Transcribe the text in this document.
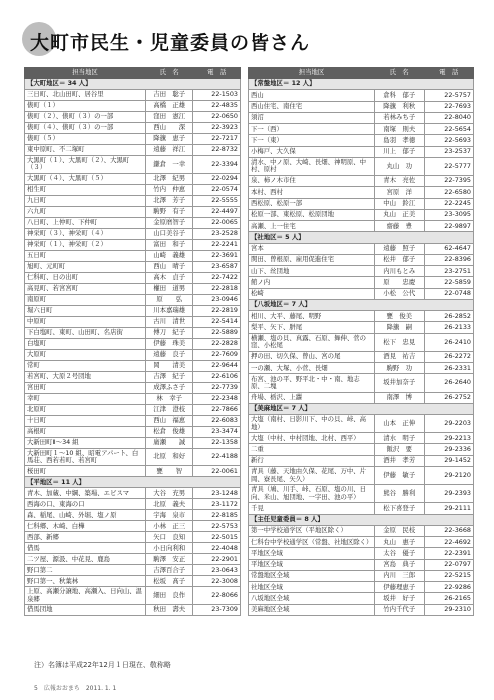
大町市民生・児童委員の皆さん
担当地区	氏　名	電　話
【大町地区＝ 34 人】		
三日町、北山田町、居谷里	吉田　聡子	22-1503
俵町（１）	高橋　正雄	22-4835
俵町（２）、俵町（３）の一部	窪田　憲江	22-0650
俵町（４）、俵町（３）の一部	西山　　深	22-3923
俵町（５）	降籏　恵子	22-7217
東中原町、不二塚町	遠藤　祥江	22-8732
大黒町（１）、大黒町（２）、大黒町（３）	鎌倉　一幸	22-3394
大黒町（４）、大黒町（５）	北澤　紀男	22-0294
相生町	竹内　仲恵	22-0574
九日町	北澤　芳子	22-5555
六九町	駒野　有子	22-4497
八日町、上仲町、下仲町	金原磨智子	22-0065
神栄町（３）、神栄町（４）	山口美谷子	23-2528
神栄町（１）、神栄町（２）	富田　和子	22-2241
五日町	山崎　義雄	22-3691
旭町、元町町	西山　晴子	23-6587
仁科町、日の出町	高木　貞子	22-7422
高見町、若宮宮町	權田　道男	22-2818
南原町	原　　弘	23-0946
堀六日町	川本嘉瑞雄	22-2819
中原町	古川　清世	22-5414
下白塩町、東町、山田町、名店街	傅刀　紀子	22-5889
白塩町	伊藤　珠美	22-2828
大原町	遠藤　良子	22-7609
常町	岡　　清美	22-9644
若宮町、大原２号団地	吉澤　紀子	22-6106
宮田町	成澤ふさ子	22-7739
幸町	林　幸子	22-2348
北原町	江津　澄枝	22-7866
十日町	西山　福恵	22-6083
高根町	松倉　俊雄	23-3474
大新田町Ⅱ～34 組	廣瀬　　誠	22-1358
大新田町１～10 組、昭電アパート、白馬荘、西若若町、若宮町	北原　和好	22-4188
桜田町	甕　　智	22-0061
【平地区＝ 11 人】		
青木、加蔵、中綱、築場、エビスマ	大谷　充男	23-1248
西海の口、東海の口	北原　義夫	23-1172
森、稲尾、山崎、外堀、塩ノ原	宇海　泉市	22-8185
仁科郷、木崎、白樺	小林　正三	22-5753
西部、新郷	矢口　良知	22-5015
借馬	小日向利和	22-4048
二ツ屋、源汲、中花見、鹿島	駒澤　安正	22-2901
野口第二	吉澤百合子	23-0643
野口第一、秋葉林	松坂　髙子	22-3008
上原、高瀬分譲地、高瀬入、日向山、温泉郷	細田　良作	22-8066
借馬団地	秋田　壽夫	23-7309
担当地区	氏　名	電　話
【常盤地区＝ 12 人】		
西山	倉科　郁子	22-5757
西山住宅、南住宅	降籏　利秋	22-7693
須沼	若林みち子	22-8040
下一（西）	南塚　則夫	22-5654
下一（東）	島羽　孝徳	22-5693
小梅戸、大久保	川上　郁子	23-2537
清水、中ノ原、大崎、長畑、神明原、中村、原村	丸山　功	22-5777
泉、柿ノ木市住	青木　亮佐	22-7395
本村、西村	宮原　洋	22-6580
西松原、松原一部	中山　鈴江	22-2245
松原一部、東松原、松原団地	丸山　正美	23-3095
高瀬、上一住宅	齋藤　豊	22-9897
【社地区＝ 5 人】		
宮本	遠藤　照子	62-4647
関田、曽根原、雇用促進住宅	松井　郁子	22-8396
山下、丝団地	内川もとみ	23-2751
館ノ内	原　　忠慶	22-5859
松崎	小松　公代	22-0748
【八坂地区＝ 7 人】		
相川、大平、藤尾、明野	甕　俊美	26-2852
梨平、矢下、胼尾	降籏　嗣	26-2133
横瀬、塩の貝、真露、石原、舞伸、菅の窪、小松尾	松下　忠見	26-2410
押の田、切久保、曾山、宮の尾	酒見　祐吉	26-2272
一の瀬、大塚、小菅、長畑	駒野　功	26-2331
布宮、池の平、野平北・中・南、地志原、二塊	坂井加奈子	26-2640
舟場、栃沢、上蘿	南澤　博	26-2752
【美麻地区＝ 7 人】		
大塩（南村、日影川下、中の貝、峠、高地）	山本　正伸	29-2203
大塩（中村、中村団地、北村、西平）	清水　明子	29-2213
二重	飯沢　要	29-2336
新行	酒井　孝芳	29-1452
青具（藤、天地由久保、花尾、万中、片岡、寮長尾、矢久）	伊藤　敏子	29-2120
青具（鳩、川手、峠、石原、塩の川、日向、米山、旭団地、一字田、池の平）	熊谷　勝利	29-2393
千見	松下喜登子	29-2111
【主任児童委員＝ 8 人】		
第一中学校通学区（平地区除く）	金原　民枝	22-3668
仁科台中学校通学区（常盤、社地区除く）	丸山　惠子	22-4692
平地区全域	太谷　優子	22-2391
平地区全域	宮島　典子	22-0797
常盤地区全域	内川　三郎	22-5215
社地区全域	伊藤理恵子	22-9286
八坂地区全域	坂井　好子	26-2165
美麻地区全域	竹内千代子	29-2310
注）名簿は平成22年12月１日現在、敬称略
5　広報おおまち　2011. 1. 1
